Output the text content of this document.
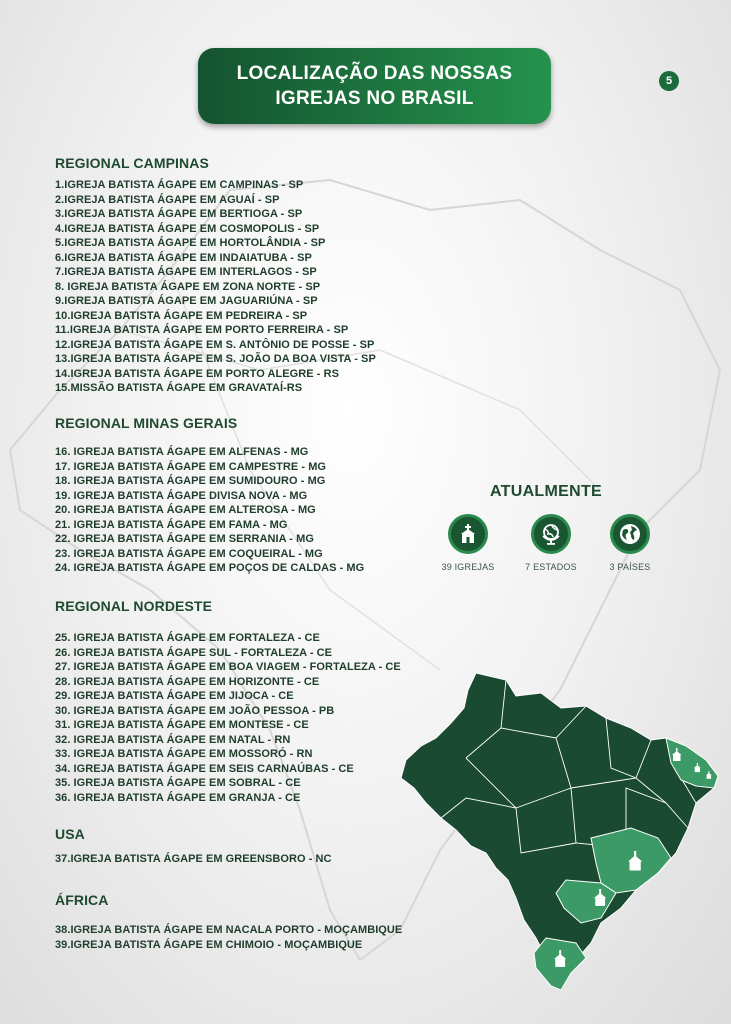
LOCALIZAÇÃO DAS NOSSAS
IGREJAS NO BRASIL
5
REGIONAL CAMPINAS
1.IGREJA BATISTA ÁGAPE EM CAMPINAS - SP
2.IGREJA BATISTA ÁGAPE EM AGUAÍ - SP
3.IGREJA BATISTA ÁGAPE EM BERTIOGA - SP
4.IGREJA BATISTA ÁGAPE EM COSMOPOLIS - SP
5.IGREJA BATISTA ÁGAPE EM HORTOLÂNDIA - SP
6.IGREJA BATISTA ÁGAPE EM INDAIATUBA - SP
7.IGREJA BATISTA ÁGAPE EM INTERLAGOS - SP
8. IGREJA BATISTA ÁGAPE EM ZONA NORTE - SP
9.IGREJA BATISTA ÁGAPE EM JAGUARIÚNA - SP
10.IGREJA BATISTA ÁGAPE EM PEDREIRA - SP
11.IGREJA BATISTA ÁGAPE EM PORTO FERREIRA - SP
12.IGREJA BATISTA ÁGAPE EM S. ANTÔNIO DE POSSE - SP
13.IGREJA BATISTA ÁGAPE EM S. JOÃO DA BOA VISTA - SP
14.IGREJA BATISTA ÁGAPE EM PORTO ALEGRE - RS
15.MISSÃO BATISTA ÁGAPE EM GRAVATAÍ-RS
REGIONAL MINAS GERAIS
16. IGREJA BATISTA ÁGAPE EM ALFENAS - MG
17. IGREJA BATISTA ÁGAPE EM CAMPESTRE - MG
18. IGREJA BATISTA ÁGAPE EM SUMIDOURO - MG
19. IGREJA BATISTA ÁGAPE DIVISA NOVA - MG
20. IGREJA BATISTA ÁGAPE EM ALTEROSA - MG
21. IGREJA BATISTA ÁGAPE EM FAMA - MG
22. IGREJA BATISTA ÁGAPE EM SERRANIA - MG
23. IGREJA BATISTA ÁGAPE EM COQUEIRAL - MG
24. IGREJA BATISTA ÁGAPE EM POÇOS DE CALDAS - MG
REGIONAL NORDESTE
25. IGREJA BATISTA ÁGAPE EM FORTALEZA - CE
26. IGREJA BATISTA ÁGAPE SUL - FORTALEZA - CE
27. IGREJA BATISTA ÁGAPE EM BOA VIAGEM - FORTALEZA - CE
28. IGREJA BATISTA ÁGAPE EM HORIZONTE - CE
29. IGREJA BATISTA ÁGAPE EM JIJOCA - CE
30. IGREJA BATISTA ÁGAPE EM JOÃO PESSOA - PB
31. IGREJA BATISTA ÁGAPE EM MONTESE - CE
32. IGREJA BATISTA ÁGAPE EM NATAL - RN
33. IGREJA BATISTA ÁGAPE EM MOSSORÓ - RN
34. IGREJA BATISTA ÁGAPE EM SEIS CARNAÚBAS - CE
35. IGREJA BATISTA ÁGAPE EM SOBRAL - CE
36. IGREJA BATISTA ÁGAPE EM GRANJA - CE
USA
37.IGREJA BATISTA ÁGAPE EM GREENSBORO - NC
ÁFRICA
38.IGREJA BATISTA ÁGAPE EM NACALA PORTO - MOÇAMBIQUE
39.IGREJA BATISTA ÁGAPE EM CHIMOIO - MOÇAMBIQUE
ATUALMENTE
39 IGREJAS	7 ESTADOS	3 PAÍSES
